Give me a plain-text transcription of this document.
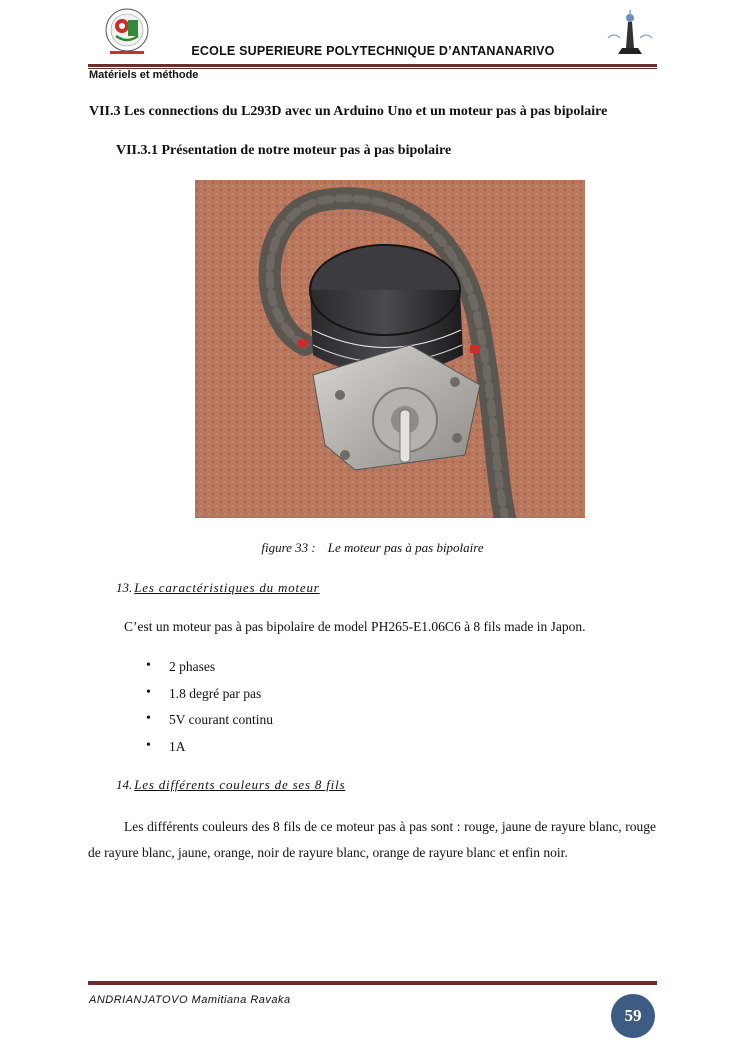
ECOLE SUPERIEURE POLYTECHNIQUE D’ANTANANARIVO
Matériels et méthode
VII.3 Les connections du L293D avec un Arduino Uno et un moteur pas à pas bipolaire
VII.3.1 Présentation de notre moteur pas à pas bipolaire
figure 33 : Le moteur pas à pas bipolaire
13. Les caractéristiques du moteur
C’est un moteur pas à pas bipolaire de model PH265-E1.06C6 à 8 fils made in Japon.
• 2 phases
• 1.8 degré par pas
• 5V courant continu
• 1A
14. Les différents couleurs de ses 8 fils
Les différents couleurs des 8 fils de ce moteur pas à pas sont : rouge, jaune de rayure blanc, rouge de rayure blanc, jaune, orange, noir de rayure blanc, orange de rayure blanc et enfin noir.
ANDRIANJATOVO Mamitiana Ravaka
59
